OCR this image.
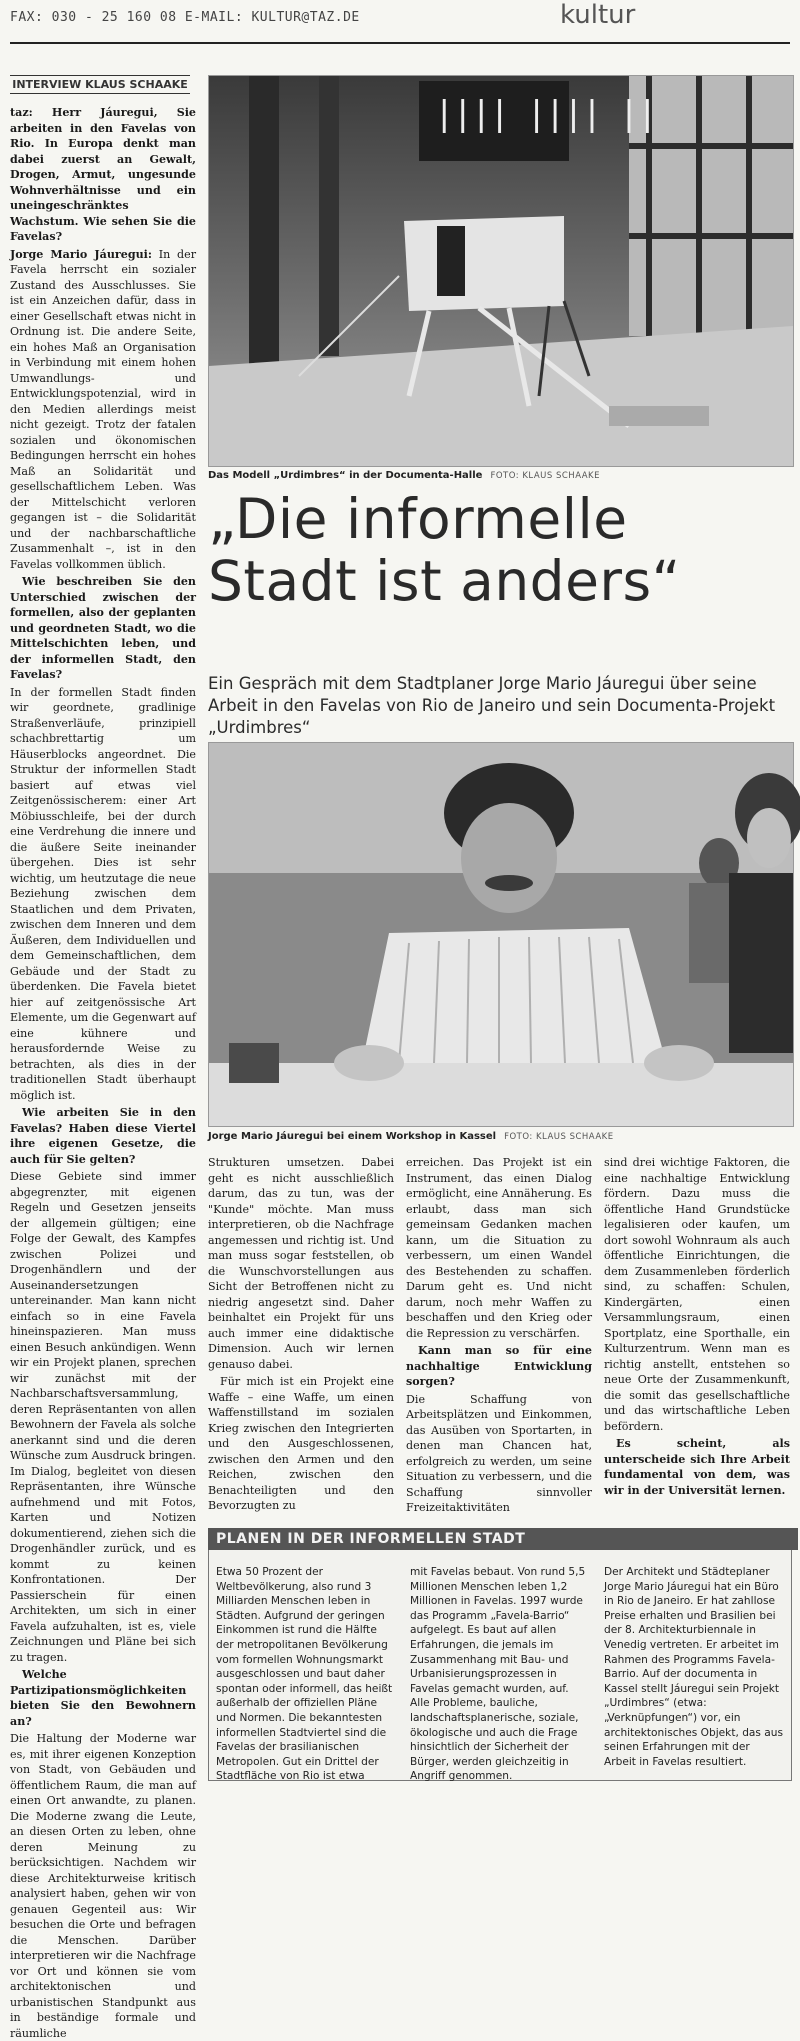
FAX: 030 - 25 160 08 E-MAIL: KULTUR@TAZ.DE	kultur
INTERVIEW KLAUS SCHAAKE

taz: Herr Jáuregui, Sie arbeiten in den Favelas von Rio. In Europa denkt man dabei zuerst an Gewalt, Drogen, Armut, ungesunde Wohnverhältnisse und ein uneingeschränktes Wachstum. Wie sehen Sie die Favelas?

Jorge Mario Jáuregui: In der Favela herrscht ein sozialer Zustand des Ausschlusses. Sie ist ein Anzeichen dafür, dass in einer Gesellschaft etwas nicht in Ordnung ist. Die andere Seite, ein hohes Maß an Organisation in Verbindung mit einem hohen Umwandlungs- und Entwicklungspotenzial, wird in den Medien allerdings meist nicht gezeigt. Trotz der fatalen sozialen und ökonomischen Bedingungen herrscht ein hohes Maß an Solidarität und gesellschaftlichem Leben. Was der Mittelschicht verloren gegangen ist – die Solidarität und der nachbarschaftliche Zusammenhalt –, ist in den Favelas vollkommen üblich.

Wie beschreiben Sie den Unterschied zwischen der formellen, also der geplanten und geordneten Stadt, wo die Mittelschichten leben, und der informellen Stadt, den Favelas?

In der formellen Stadt finden wir geordnete, gradlinige Straßenverläufe, prinzipiell schachbrettartig um Häuserblocks angeordnet. Die Struktur der informellen Stadt basiert auf etwas viel Zeitgenössischerem: einer Art Möbiusschleife, bei der durch eine Verdrehung die innere und die äußere Seite ineinander übergehen. Dies ist sehr wichtig, um heutzutage die neue Beziehung zwischen dem Staatlichen und dem Privaten, zwischen dem Inneren und dem Äußeren, dem Individuellen und dem Gemeinschaftlichen, dem Gebäude und der Stadt zu überdenken. Die Favela bietet hier auf zeitgenössische Art Elemente, um die Gegenwart auf eine kühnere und herausfordernde Weise zu betrachten, als dies in der traditionellen Stadt überhaupt möglich ist.

Wie arbeiten Sie in den Favelas? Haben diese Viertel ihre eigenen Gesetze, die auch für Sie gelten?

Diese Gebiete sind immer abgegrenzter, mit eigenen Regeln und Gesetzen jenseits der allgemein gültigen; eine Folge der Gewalt, des Kampfes zwischen Polizei und Drogenhändlern und der Auseinandersetzungen untereinander. Man kann nicht einfach so in eine Favela hineinspazieren. Man muss einen Besuch ankündigen. Wenn wir ein Projekt planen, sprechen wir zunächst mit der Nachbarschaftsversammlung, deren Repräsentanten von allen Bewohnern der Favela als solche anerkannt sind und die deren Wünsche zum Ausdruck bringen. Im Dialog, begleitet von diesen Repräsentanten, ihre Wünsche aufnehmend und mit Fotos, Karten und Notizen dokumentierend, ziehen sich die Drogenhändler zurück, und es kommt zu keinen Konfrontationen. Der Passierschein für einen Architekten, um sich in einer Favela aufzuhalten, ist es, viele Zeichnungen und Pläne bei sich zu tragen.

Welche Partizipationsmöglichkeiten bieten Sie den Bewohnern an?

Die Haltung der Moderne war es, mit ihrer eigenen Konzeption von Stadt, von Gebäuden und öffentlichem Raum, die man auf einen Ort anwandte, zu planen. Die Moderne zwang die Leute, an diesen Orten zu leben, ohne deren Meinung zu berücksichtigen. Nachdem wir diese Architekturweise kritisch analysiert haben, gehen wir von genauen Gegenteil aus: Wir besuchen die Orte und befragen die Menschen. Darüber interpretieren wir die Nachfrage vor Ort und können sie vom architektonischen und urbanistischen Standpunkt aus in beständige formale und räumliche

|||| |||| ||
Das Modell „Urdimbres“ in der Documenta-Halle FOTO: KLAUS SCHAAKE
„Die informelle
Stadt ist anders“
Ein Gespräch mit dem Stadtplaner Jorge Mario Jáuregui über seine Arbeit in den Favelas von Rio de Janeiro und sein Documenta-Projekt „Urdimbres“
Jorge Mario Jáuregui bei einem Workshop in Kassel FOTO: KLAUS SCHAAKE

Strukturen umsetzen. Dabei geht es nicht ausschließlich darum, das zu tun, was der "Kunde" möchte. Man muss interpretieren, ob die Nachfrage angemessen und richtig ist. Und man muss sogar feststellen, ob die Wunschvorstellungen aus Sicht der Betroffenen nicht zu niedrig angesetzt sind. Daher beinhaltet ein Projekt für uns auch immer eine didaktische Dimension. Auch wir lernen genauso dabei.

Für mich ist ein Projekt eine Waffe – eine Waffe, um einen Waffenstillstand im sozialen Krieg zwischen den Integrierten und den Ausgeschlossenen, zwischen den Armen und den Reichen, zwischen den Benachteiligten und den Bevorzugten zu

erreichen. Das Projekt ist ein Instrument, das einen Dialog ermöglicht, eine Annäherung. Es erlaubt, dass man sich gemeinsam Gedanken machen kann, um die Situation zu verbessern, um einen Wandel des Bestehenden zu schaffen. Darum geht es. Und nicht darum, noch mehr Waffen zu beschaffen und den Krieg oder die Repression zu verschärfen.

Kann man so für eine nachhaltige Entwicklung sorgen?

Die Schaffung von Arbeitsplätzen und Einkommen, das Ausüben von Sportarten, in denen man Chancen hat, erfolgreich zu werden, um seine Situation zu verbessern, und die Schaffung sinnvoller Freizeitaktivitäten

sind drei wichtige Faktoren, die eine nachhaltige Entwicklung fördern. Dazu muss die öffentliche Hand Grundstücke legalisieren oder kaufen, um dort sowohl Wohnraum als auch öffentliche Einrichtungen, die dem Zusammenleben förderlich sind, zu schaffen: Schulen, Kindergärten, einen Versammlungsraum, einen Sportplatz, eine Sporthalle, ein Kulturzentrum. Wenn man es richtig anstellt, entstehen so neue Orte der Zusammenkunft, die somit das gesellschaftliche und das wirtschaftliche Leben befördern.

Es scheint, als unterscheide sich Ihre Arbeit fundamental von dem, was wir in der Universität lernen.

PLANEN IN DER INFORMELLEN STADT

Etwa 50 Prozent der Weltbevölkerung, also rund 3 Milliarden Menschen leben in Städten. Aufgrund der geringen Einkommen ist rund die Hälfte der metropolitanen Bevölkerung vom formellen Wohnungsmarkt ausgeschlossen und baut daher spontan oder informell, das heißt außerhalb der offiziellen Pläne und Normen. Die bekanntesten informellen Stadtviertel sind die Favelas der brasilianischen Metropolen. Gut ein Drittel der Stadtfläche von Rio ist etwa

mit Favelas bebaut. Von rund 5,5 Millionen Menschen leben 1,2 Millionen in Favelas. 1997 wurde das Programm „Favela-Barrio“ aufgelegt. Es baut auf allen Erfahrungen, die jemals im Zusammenhang mit Bau- und Urbanisierungsprozessen in Favelas gemacht wurden, auf. Alle Probleme, bauliche, landschaftsplanerische, soziale, ökologische und auch die Frage hinsichtlich der Sicherheit der Bürger, werden gleichzeitig in Angriff genommen.

Der Architekt und Städteplaner Jorge Mario Jáuregui hat ein Büro in Rio de Janeiro. Er hat zahllose Preise erhalten und Brasilien bei der 8. Architekturbiennale in Venedig vertreten. Er arbeitet im Rahmen des Programms Favela-Barrio. Auf der documenta in Kassel stellt Jáuregui sein Projekt „Urdimbres“ (etwa: „Verknüpfungen“) vor, ein architektonisches Objekt, das aus seinen Erfahrungen mit der Arbeit in Favelas resultiert.
